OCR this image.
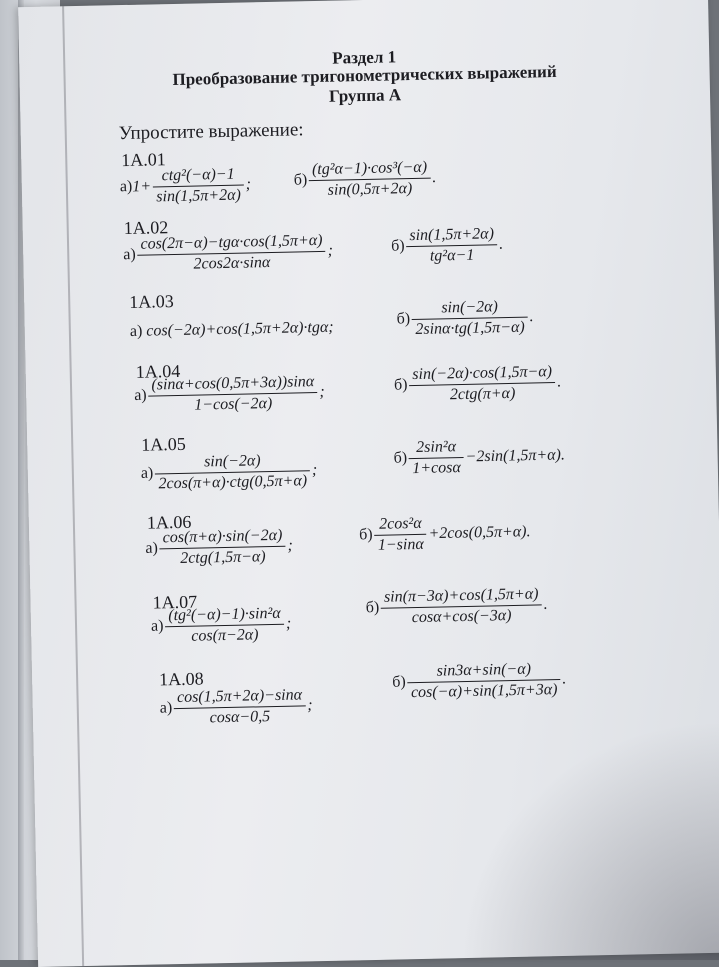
Раздел 1
Преобразование тригонометрических выражений
Группа А
Упростите выражение:
1A.01
$а)1+ \frac{\text{ctg²(−α)−1}}{\sin(1,5\pi+2\alpha)}$ ;	$б) \frac{\text{(tg²α−1)·cos³(−α)}}{\sin(0,5\pi+2\alpha)}$ .
1A.02
$а) \frac{\text{cos(2π−α)−tgα·cos(1,5π+α)}}{2\cos 2\alpha\cdot\sin\alpha}$ ;	$б) \frac{\sin(1,5\pi+2\alpha)}{\text{tg²α−1}}$ .
1A.03
а) cos(−2α)+cos(1,5π+2α)·tgα;	$б) \frac{\sin(-2\alpha)}{2\sin\alpha\cdot tg(1,5\pi-\alpha)}$ .
1A.04
$а) \frac{(\sin\alpha+\cos(0,5\pi+3\alpha))\sin\alpha}{1-\cos(-2\alpha)}$ ;	$б) \frac{\sin(-2\alpha)\cdot\cos(1,5\pi-\alpha)}{\text{2ctg(π+α)}}$ .
1A.05
$а) \frac{\sin(-2\alpha)}{\text{2cos(π+α)·ctg(0,5π+α)}}$ ;
$б) \frac{\text{2sin²α}}{1+\cos\alpha} -2\sin(1,5\pi+\alpha)$.
1A.06
$а) \frac{\cos(\pi+\alpha)\cdot\sin(-2\alpha)}{\text{2ctg(1,5π−α)}}$ ;
$б) \frac{\text{2cos²α}}{1-\sin\alpha} +2\cos(0,5\pi+\alpha)$.
1A.07
$а) \frac{\text{(tg²(−α)−1)·sin²α}}{\cos(\pi-2\alpha)}$ ;
$б) \frac{\sin(\pi-3\alpha)+\cos(1,5\pi+\alpha)}{\cos\alpha+\cos(-3\alpha)}$ .
1A.08
$а) \frac{\cos(1,5\pi+2\alpha)-\sin\alpha}{\cos\alpha-0,5}$ ;
$б) \frac{\sin 3\alpha+\sin(-\alpha)}{\cos(-\alpha)+\sin(1,5\pi+3\alpha)}$ .
